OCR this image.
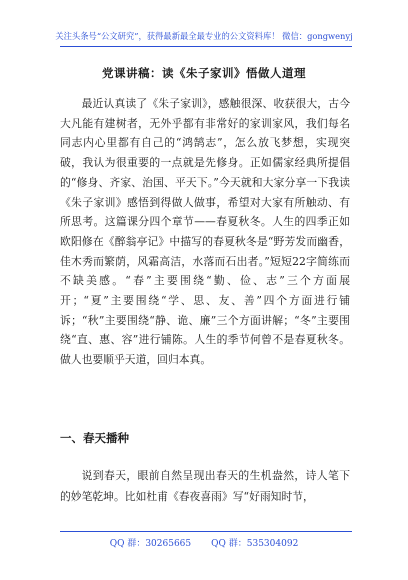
关注头条号“公文研究”，获得最新最全最专业的公文资料库！ 微信：gongwenyj
党课讲稿：读《朱子家训》悟做人道理

最近认真读了《朱子家训》，感触很深、收获很大，古今大凡能有建树者，无外乎都有非常好的家训家风，我们每名同志内心里都有自己的“鸿鹄志”，怎么放飞梦想，实现突破，我认为很重要的一点就是先修身。正如儒家经典所提倡的“修身、齐家、治国、平天下。”今天就和大家分享一下我读《朱子家训》感悟到得做人做事，希望对大家有所触动、有所思考。这篇课分四个章节——春夏秋冬。人生的四季正如欧阳修在《醉翁亭记》中描写的春夏秋冬是“野芳发而幽香，佳木秀而繁荫，风霜高洁，水落而石出者。”短短22字简练而不缺美感。“春”主要围绕“勤、俭、志”三个方面展开；“夏”主要围绕“学、思、友、善”四个方面进行铺诉；“秋”主要围绕“静、诡、廉”三个方面讲解；“冬”主要围绕“直、惠、容”进行铺陈。人生的季节何曾不是春夏秋冬。做人也要顺乎天道，回归本真。

一、春天播种

说到春天，眼前自然呈现出春天的生机盎然，诗人笔下的妙笔乾坤。比如杜甫《春夜喜雨》写“好雨知时节，

QQ 群：30265665 QQ 群：535304092
